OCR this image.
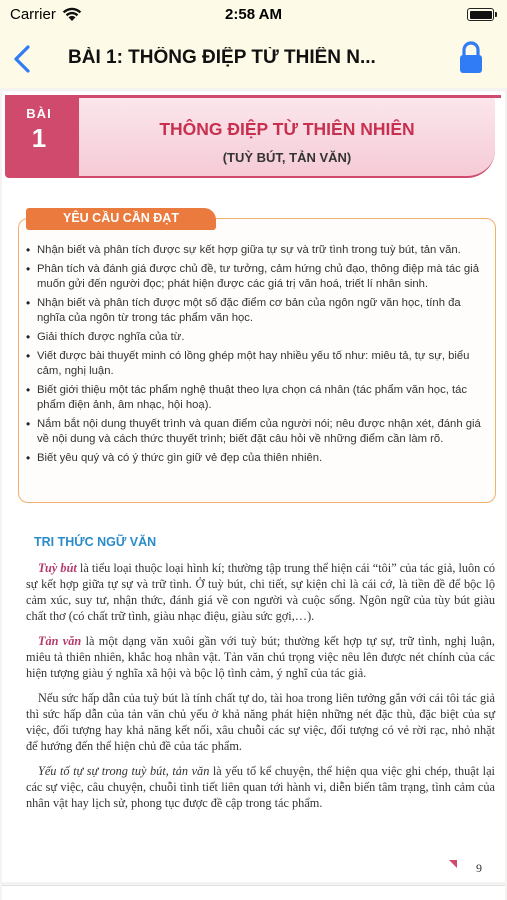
Carrier	2:58 AM
BÀI 1: THÔNG ĐIỆP TỪ THIÊN N...
BÀI
1	THÔNG ĐIỆP TỪ THIÊN NHIÊN
(TUỲ BÚT, TẢN VĂN)
YÊU CẦU CẦN ĐẠT
• Nhận biết và phân tích được sự kết hợp giữa tự sự và trữ tình trong tuỳ bút, tản văn.
• Phân tích và đánh giá được chủ đề, tư tưởng, cảm hứng chủ đạo, thông điệp mà tác giả muốn gửi đến người đọc; phát hiện được các giá trị văn hoá, triết lí nhân sinh.
• Nhận biết và phân tích được một số đặc điểm cơ bản của ngôn ngữ văn học, tính đa nghĩa của ngôn từ trong tác phẩm văn học.
• Giải thích được nghĩa của từ.
• Viết được bài thuyết minh có lồng ghép một hay nhiều yếu tố như: miêu tả, tự sự, biểu cảm, nghị luận.
• Biết giới thiệu một tác phẩm nghệ thuật theo lựa chọn cá nhân (tác phẩm văn học, tác phẩm điện ảnh, âm nhạc, hội hoạ).
• Nắm bắt nội dung thuyết trình và quan điểm của người nói; nêu được nhận xét, đánh giá về nội dung và cách thức thuyết trình; biết đặt câu hỏi về những điểm cần làm rõ.
• Biết yêu quý và có ý thức gìn giữ vẻ đẹp của thiên nhiên.
TRI THỨC NGỮ VĂN

Tuỳ bút là tiểu loại thuộc loại hình kí; thường tập trung thể hiện cái “tôi” của tác giả, luôn có sự kết hợp giữa tự sự và trữ tình. Ở tuỳ bút, chi tiết, sự kiện chỉ là cái cớ, là tiền đề để bộc lộ cảm xúc, suy tư, nhận thức, đánh giá về con người và cuộc sống. Ngôn ngữ của tùy bút giàu chất thơ (có chất trữ tình, giàu nhạc điệu, giàu sức gợi,…).

Tản văn là một dạng văn xuôi gần với tuỳ bút; thường kết hợp tự sự, trữ tình, nghị luận, miêu tả thiên nhiên, khắc hoạ nhân vật. Tản văn chú trọng việc nêu lên được nét chính của các hiện tượng giàu ý nghĩa xã hội và bộc lộ tình cảm, ý nghĩ của tác giả.

Nếu sức hấp dẫn của tuỳ bút là tính chất tự do, tài hoa trong liên tưởng gắn với cái tôi tác giả thì sức hấp dẫn của tản văn chủ yếu ở khả năng phát hiện những nét đặc thù, đặc biệt của sự việc, đối tượng hay khả năng kết nối, xâu chuỗi các sự việc, đối tượng có vẻ rời rạc, nhỏ nhặt để hướng đến thể hiện chủ đề của tác phẩm.

Yếu tố tự sự trong tuỳ bút, tản văn là yếu tố kể chuyện, thể hiện qua việc ghi chép, thuật lại các sự việc, câu chuyện, chuỗi tình tiết liên quan tới hành vi, diễn biến tâm trạng, tình cảm của nhân vật hay lịch sử, phong tục được đề cập trong tác phẩm.

9
